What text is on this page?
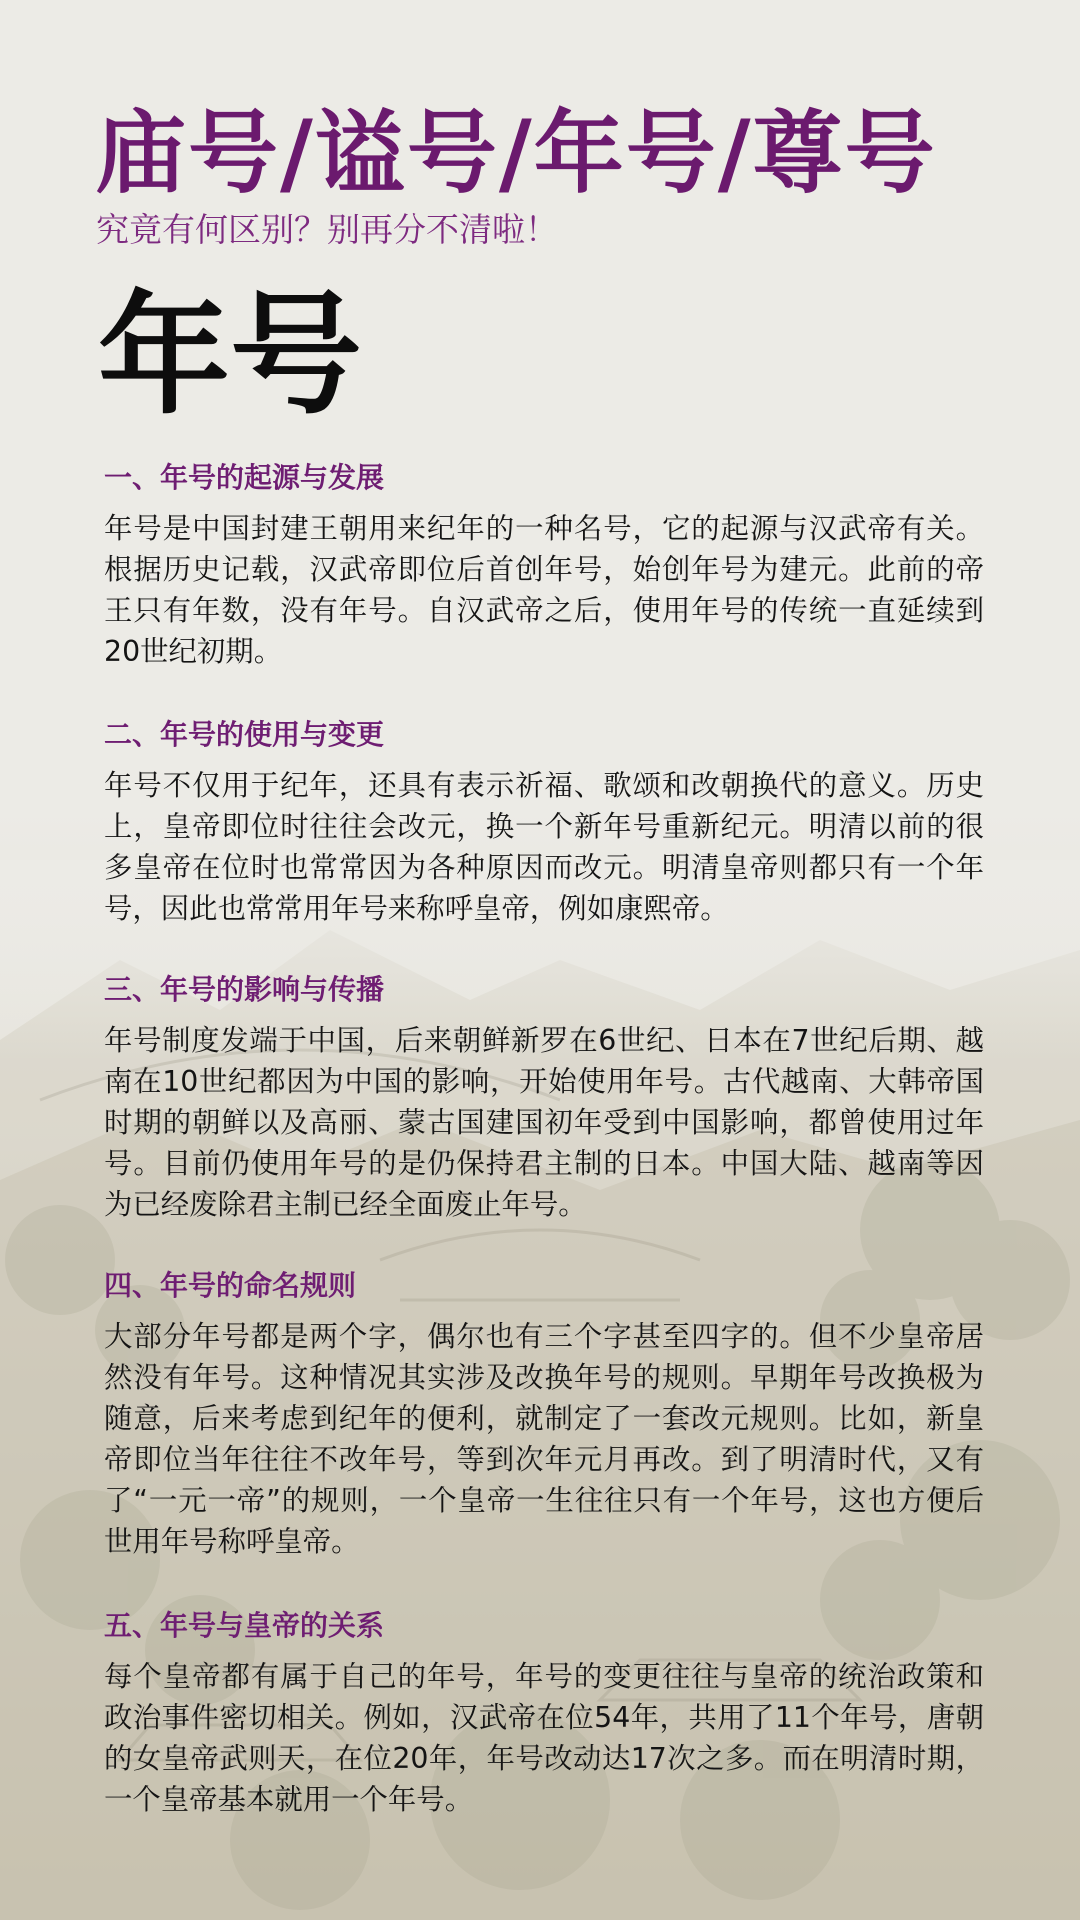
庙号/谥号/年号/尊号
究竟有何区别？别再分不清啦！
年号
一、年号的起源与发展

年号是中国封建王朝用来纪年的一种名号，它的起源与汉武帝有关。根据历史记载，汉武帝即位后首创年号，始创年号为建元。此前的帝王只有年数，没有年号。自汉武帝之后，使用年号的传统一直延续到20世纪初期。

二、年号的使用与变更

年号不仅用于纪年，还具有表示祈福、歌颂和改朝换代的意义。历史上，皇帝即位时往往会改元，换一个新年号重新纪元。明清以前的很多皇帝在位时也常常因为各种原因而改元。明清皇帝则都只有一个年号，因此也常常用年号来称呼皇帝，例如康熙帝。

三、年号的影响与传播

年号制度发端于中国，后来朝鲜新罗在6世纪、日本在7世纪后期、越南在10世纪都因为中国的影响，开始使用年号。古代越南、大韩帝国时期的朝鲜以及高丽、蒙古国建国初年受到中国影响，都曾使用过年号。目前仍使用年号的是仍保持君主制的日本。中国大陆、越南等因为已经废除君主制已经全面废止年号。

四、年号的命名规则

大部分年号都是两个字，偶尔也有三个字甚至四字的。但不少皇帝居然没有年号。这种情况其实涉及改换年号的规则。早期年号改换极为随意，后来考虑到纪年的便利，就制定了一套改元规则。比如，新皇帝即位当年往往不改年号，等到次年元月再改。到了明清时代，又有了“一元一帝”的规则，一个皇帝一生往往只有一个年号，这也方便后世用年号称呼皇帝。

五、年号与皇帝的关系

每个皇帝都有属于自己的年号，年号的变更往往与皇帝的统治政策和政治事件密切相关。例如，汉武帝在位54年，共用了11个年号，唐朝的女皇帝武则天，在位20年，年号改动达17次之多。而在明清时期，一个皇帝基本就用一个年号。
